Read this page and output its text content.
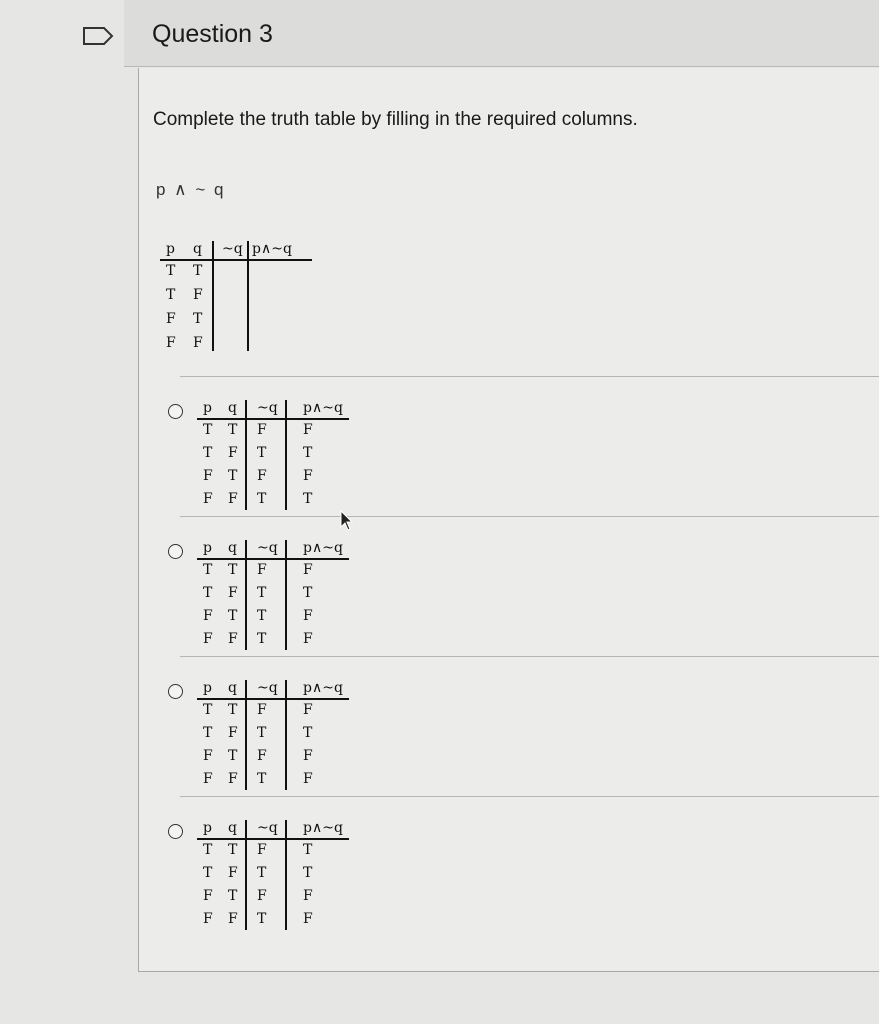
Question 3
Complete the truth table by filling in the required columns.
p ∧ ~ q
p q ~q p∧~q
T T
T F
F T
F F
p q ~q p∧~q
T T F	F
T F T	T
F T F	F
F F T	T
p q ~q p∧~q
T T F	F
T F T	T
F T T	F
F F T	F
p q ~q p∧~q
T T F	F
T F T	T
F T F	F
F F T	F
p q ~q p∧~q
T T F	T
T F T	T
F T F	F
F F T	F
